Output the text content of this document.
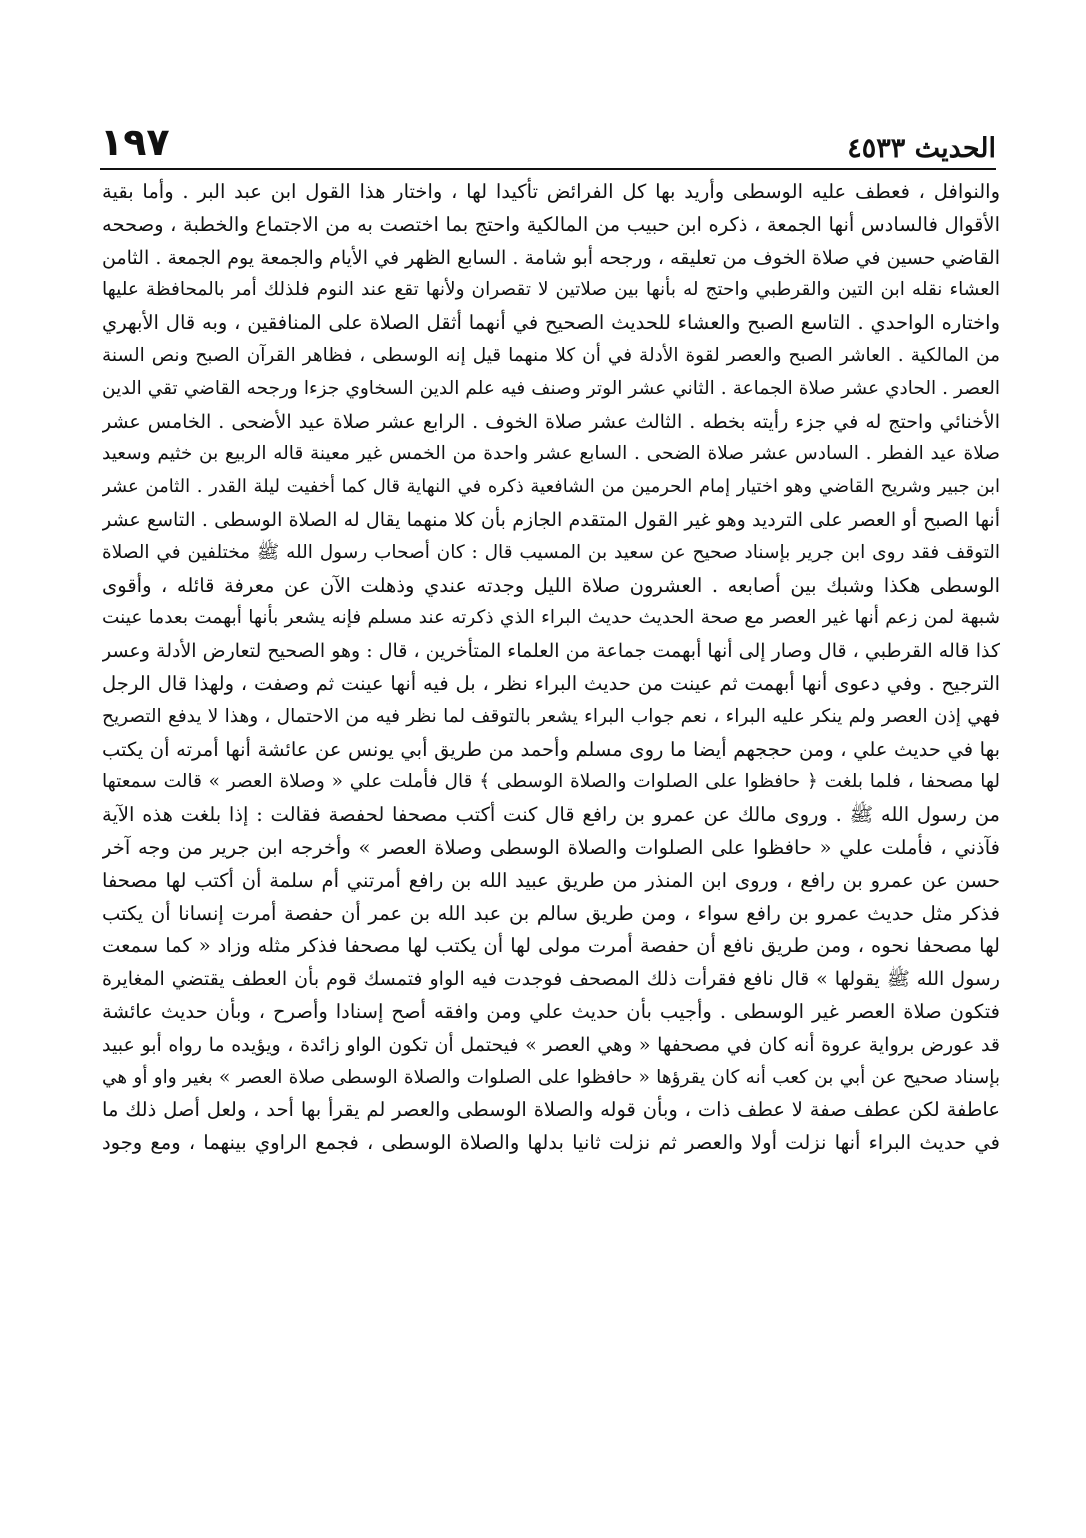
الحديث ٤٥٣٣
١٩٧
والنوافل ، فعطف عليه الوسطى وأريد بها كل الفرائض تأكيدا لها ، واختار هذا القول ابن عبد البر . وأما بقية
الأقوال فالسادس أنها الجمعة ، ذكره ابن حبيب من المالكية واحتج بما اختصت به من الاجتماع والخطبة ، وصححه
القاضي حسين في صلاة الخوف من تعليقه ، ورجحه أبو شامة . السابع الظهر في الأيام والجمعة يوم الجمعة . الثامن
العشاء نقله ابن التين والقرطبي واحتج له بأنها بين صلاتين لا تقصران ولأنها تقع عند النوم فلذلك أمر بالمحافظة عليها
واختاره الواحدي . التاسع الصبح والعشاء للحديث الصحيح في أنهما أثقل الصلاة على المنافقين ، وبه قال الأبهري
من المالكية . العاشر الصبح والعصر لقوة الأدلة في أن كلا منهما قيل إنه الوسطى ، فظاهر القرآن الصبح ونص السنة
العصر . الحادي عشر صلاة الجماعة . الثاني عشر الوتر وصنف فيه علم الدين السخاوي جزءا ورجحه القاضي تقي الدين
الأخنائي واحتج له في جزء رأيته بخطه . الثالث عشر صلاة الخوف . الرابع عشر صلاة عيد الأضحى . الخامس عشر
صلاة عيد الفطر . السادس عشر صلاة الضحى . السابع عشر واحدة من الخمس غير معينة قاله الربيع بن خثيم وسعيد
ابن جبير وشريح القاضي وهو اختيار إمام الحرمين من الشافعية ذكره في النهاية قال كما أخفيت ليلة القدر . الثامن عشر
أنها الصبح أو العصر على الترديد وهو غير القول المتقدم الجازم بأن كلا منهما يقال له الصلاة الوسطى . التاسع عشر
التوقف فقد روى ابن جرير بإسناد صحيح عن سعيد بن المسيب قال : كان أصحاب رسول الله ﷺ مختلفين في الصلاة
الوسطى هكذا وشبك بين أصابعه . العشرون صلاة الليل وجدته عندي وذهلت الآن عن معرفة قائله ، وأقوى
شبهة لمن زعم أنها غير العصر مع صحة الحديث حديث البراء الذي ذكرته عند مسلم فإنه يشعر بأنها أبهمت بعدما عينت
كذا قاله القرطبي ، قال وصار إلى أنها أبهمت جماعة من العلماء المتأخرين ، قال : وهو الصحيح لتعارض الأدلة وعسر
الترجيح . وفي دعوى أنها أبهمت ثم عينت من حديث البراء نظر ، بل فيه أنها عينت ثم وصفت ، ولهذا قال الرجل
فهي إذن العصر ولم ينكر عليه البراء ، نعم جواب البراء يشعر بالتوقف لما نظر فيه من الاحتمال ، وهذا لا يدفع التصريح
بها في حديث علي ، ومن حججهم أيضا ما روى مسلم وأحمد من طريق أبي يونس عن عائشة أنها أمرته أن يكتب
لها مصحفا ، فلما بلغت ﴿ حافظوا على الصلوات والصلاة الوسطى ﴾ قال فأملت علي « وصلاة العصر » قالت سمعتها
من رسول الله ﷺ . وروى مالك عن عمرو بن رافع قال كنت أكتب مصحفا لحفصة فقالت : إذا بلغت هذه الآية
فآذني ، فأملت علي « حافظوا على الصلوات والصلاة الوسطى وصلاة العصر » وأخرجه ابن جرير من وجه آخر
حسن عن عمرو بن رافع ، وروى ابن المنذر من طريق عبيد الله بن رافع أمرتني أم سلمة أن أكتب لها مصحفا
فذكر مثل حديث عمرو بن رافع سواء ، ومن طريق سالم بن عبد الله بن عمر أن حفصة أمرت إنسانا أن يكتب
لها مصحفا نحوه ، ومن طريق نافع أن حفصة أمرت مولى لها أن يكتب لها مصحفا فذكر مثله وزاد « كما سمعت
رسول الله ﷺ يقولها » قال نافع فقرأت ذلك المصحف فوجدت فيه الواو فتمسك قوم بأن العطف يقتضي المغايرة
فتكون صلاة العصر غير الوسطى . وأجيب بأن حديث علي ومن وافقه أصح إسنادا وأصرح ، وبأن حديث عائشة
قد عورض برواية عروة أنه كان في مصحفها « وهي العصر » فيحتمل أن تكون الواو زائدة ، ويؤيده ما رواه أبو عبيد
بإسناد صحيح عن أبي بن كعب أنه كان يقرؤها « حافظوا على الصلوات والصلاة الوسطى صلاة العصر » بغير واو أو هي
عاطفة لكن عطف صفة لا عطف ذات ، وبأن قوله والصلاة الوسطى والعصر لم يقرأ بها أحد ، ولعل أصل ذلك ما
في حديث البراء أنها نزلت أولا والعصر ثم نزلت ثانيا بدلها والصلاة الوسطى ، فجمع الراوي بينهما ، ومع وجود
